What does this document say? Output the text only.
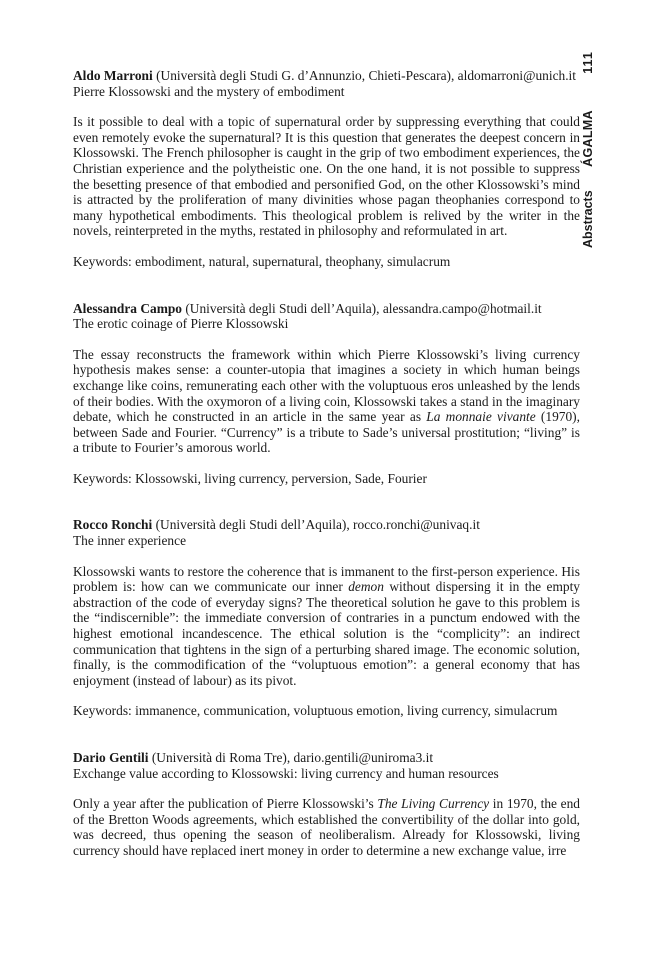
Abstracts ÁGALMA 111

Aldo Marroni (Università degli Studi G. d’Annunzio, Chieti-Pescara), aldomarroni@unich.it

Pierre Klossowski and the mystery of embodiment

Is it possible to deal with a topic of supernatural order by suppressing everything that could even remotely evoke the supernatural? It is this question that generates the deepest concern in Klossowski. The French philosopher is caught in the grip of two embodiment experiences, the Christian experience and the polytheistic one. On the one hand, it is not possible to suppress the besetting presence of that embodied and personified God, on the other Klossowski’s mind is attracted by the proliferation of many divinities whose pagan theophanies correspond to many hypothetical embodiments. This theological problem is relived by the writer in the novels, reinterpreted in the myths, restated in philosophy and reformulated in art.

Keywords: embodiment, natural, supernatural, theophany, simulacrum

Alessandra Campo (Università degli Studi dell’Aquila), alessandra.campo@hotmail.it

The erotic coinage of Pierre Klossowski

The essay reconstructs the framework within which Pierre Klossowski’s living currency hypothesis makes sense: a counter-utopia that imagines a society in which human beings exchange like coins, remunerating each other with the voluptuous eros unleashed by the lends of their bodies. With the oxymoron of a living coin, Klossowski takes a stand in the imaginary debate, which he constructed in an article in the same year as La monnaie vivante (1970), between Sade and Fourier. “Currency” is a tribute to Sade’s universal prostitution; “living” is a tribute to Fourier’s amorous world.

Keywords: Klossowski, living currency, perversion, Sade, Fourier

Rocco Ronchi (Università degli Studi dell’Aquila), rocco.ronchi@univaq.it

The inner experience

Klossowski wants to restore the coherence that is immanent to the first-person experience. His problem is: how can we communicate our inner demon without dispersing it in the empty abstraction of the code of everyday signs? The theoretical solution he gave to this problem is the “indiscernible”: the immediate conversion of contraries in a punctum endowed with the highest emotional incandescence. The ethical solution is the “complicity”: an indirect communication that tightens in the sign of a perturbing shared image. The economic solution, finally, is the commodification of the “voluptuous emotion”: a general economy that has enjoyment (instead of labour) as its pivot.

Keywords: immanence, communication, voluptuous emotion, living currency, simulacrum

Dario Gentili (Università di Roma Tre), dario.gentili@uniroma3.it

Exchange value according to Klossowski: living currency and human resources

Only a year after the publication of Pierre Klossowski’s The Living Currency in 1970, the end of the Bretton Woods agreements, which established the convertibility of the dollar into gold, was decreed, thus opening the season of neoliberalism. Already for Klossowski, living currency should have replaced inert money in order to determine a new exchange value, irre
